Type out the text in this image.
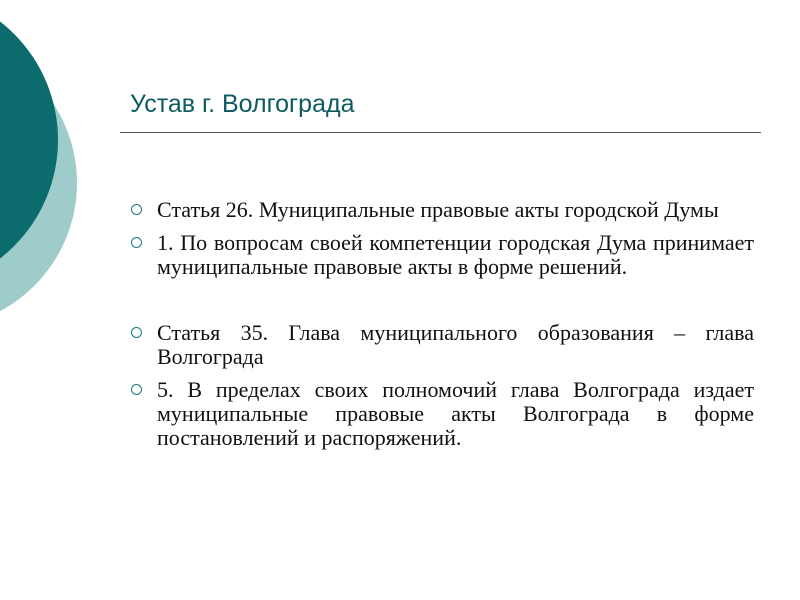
Устав г. Волгограда
Статья 26. Муниципальные правовые акты городской Думы
1. По вопросам своей компетенции городская Дума принимает муниципальные правовые акты в форме решений.
Статья 35. Глава муниципального образования – глава Волгограда
5. В пределах своих полномочий глава Волгограда издает муниципальные правовые акты Волгограда в форме постановлений и распоряжений.
